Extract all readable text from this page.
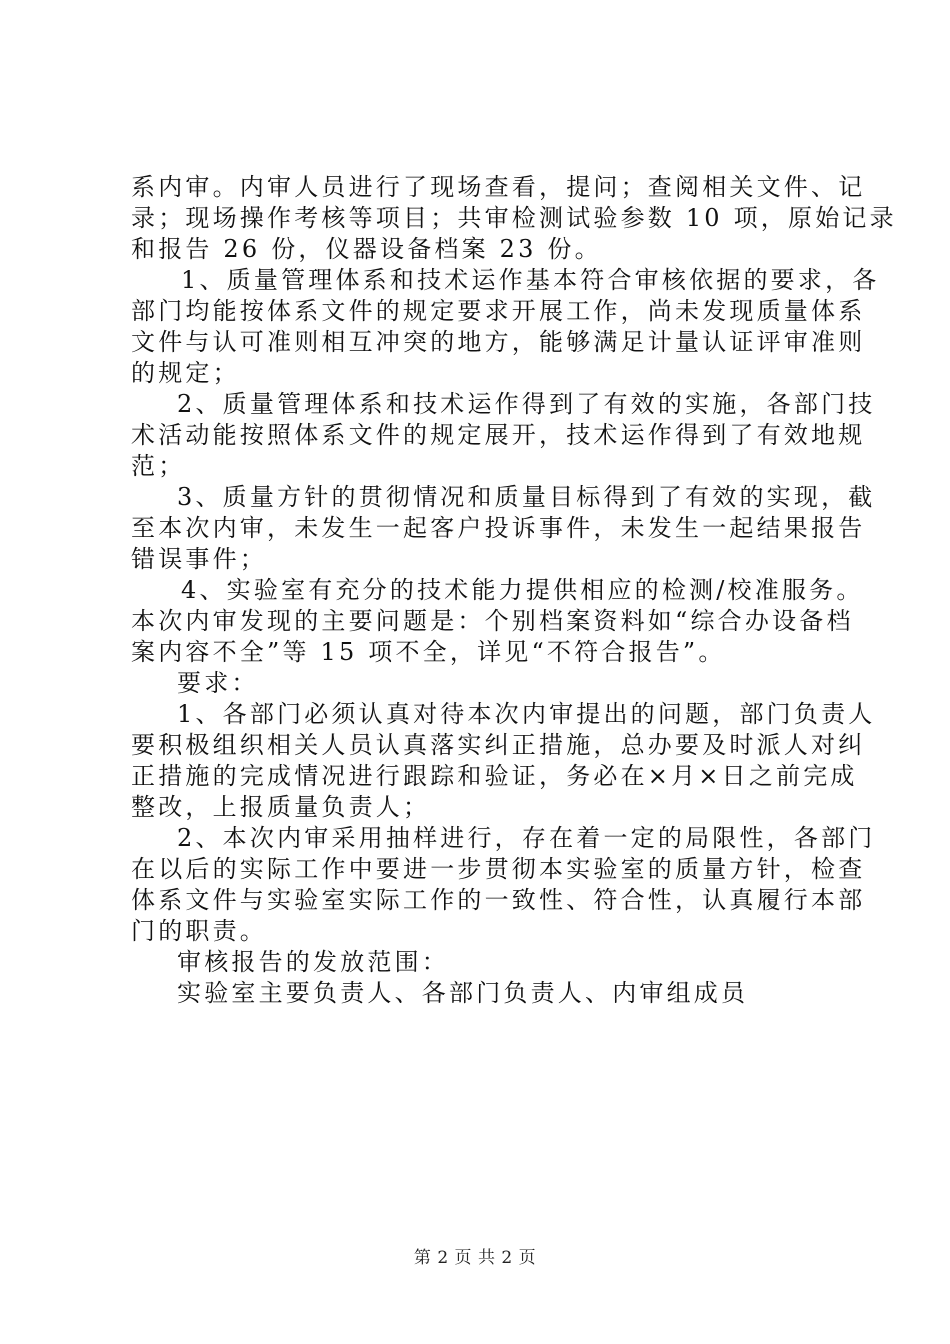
系内审。内审人员进行了现场查看，提问；查阅相关文件、记
录；现场操作考核等项目；共审检测试验参数 10 项，原始记录
和报告 26 份，仪器设备档案 23 份。
1、质量管理体系和技术运作基本符合审核依据的要求，各
部门均能按体系文件的规定要求开展工作，尚未发现质量体系
文件与认可准则相互冲突的地方，能够满足计量认证评审准则
的规定；
2、质量管理体系和技术运作得到了有效的实施，各部门技
术活动能按照体系文件的规定展开，技术运作得到了有效地规
范；
3、质量方针的贯彻情况和质量目标得到了有效的实现，截
至本次内审，未发生一起客户投诉事件，未发生一起结果报告
错误事件；
4、实验室有充分的技术能力提供相应的检测/校准服务。
本次内审发现的主要问题是：个别档案资料如“综合办设备档
案内容不全”等 15 项不全，详见“不符合报告”。
要求：
1、各部门必须认真对待本次内审提出的问题，部门负责人
要积极组织相关人员认真落实纠正措施，总办要及时派人对纠
正措施的完成情况进行跟踪和验证，务必在×月×日之前完成
整改，上报质量负责人；
2、本次内审采用抽样进行，存在着一定的局限性，各部门
在以后的实际工作中要进一步贯彻本实验室的质量方针，检查
体系文件与实验室实际工作的一致性、符合性，认真履行本部
门的职责。
审核报告的发放范围：
实验室主要负责人、各部门负责人、内审组成员
第 2 页 共 2 页
